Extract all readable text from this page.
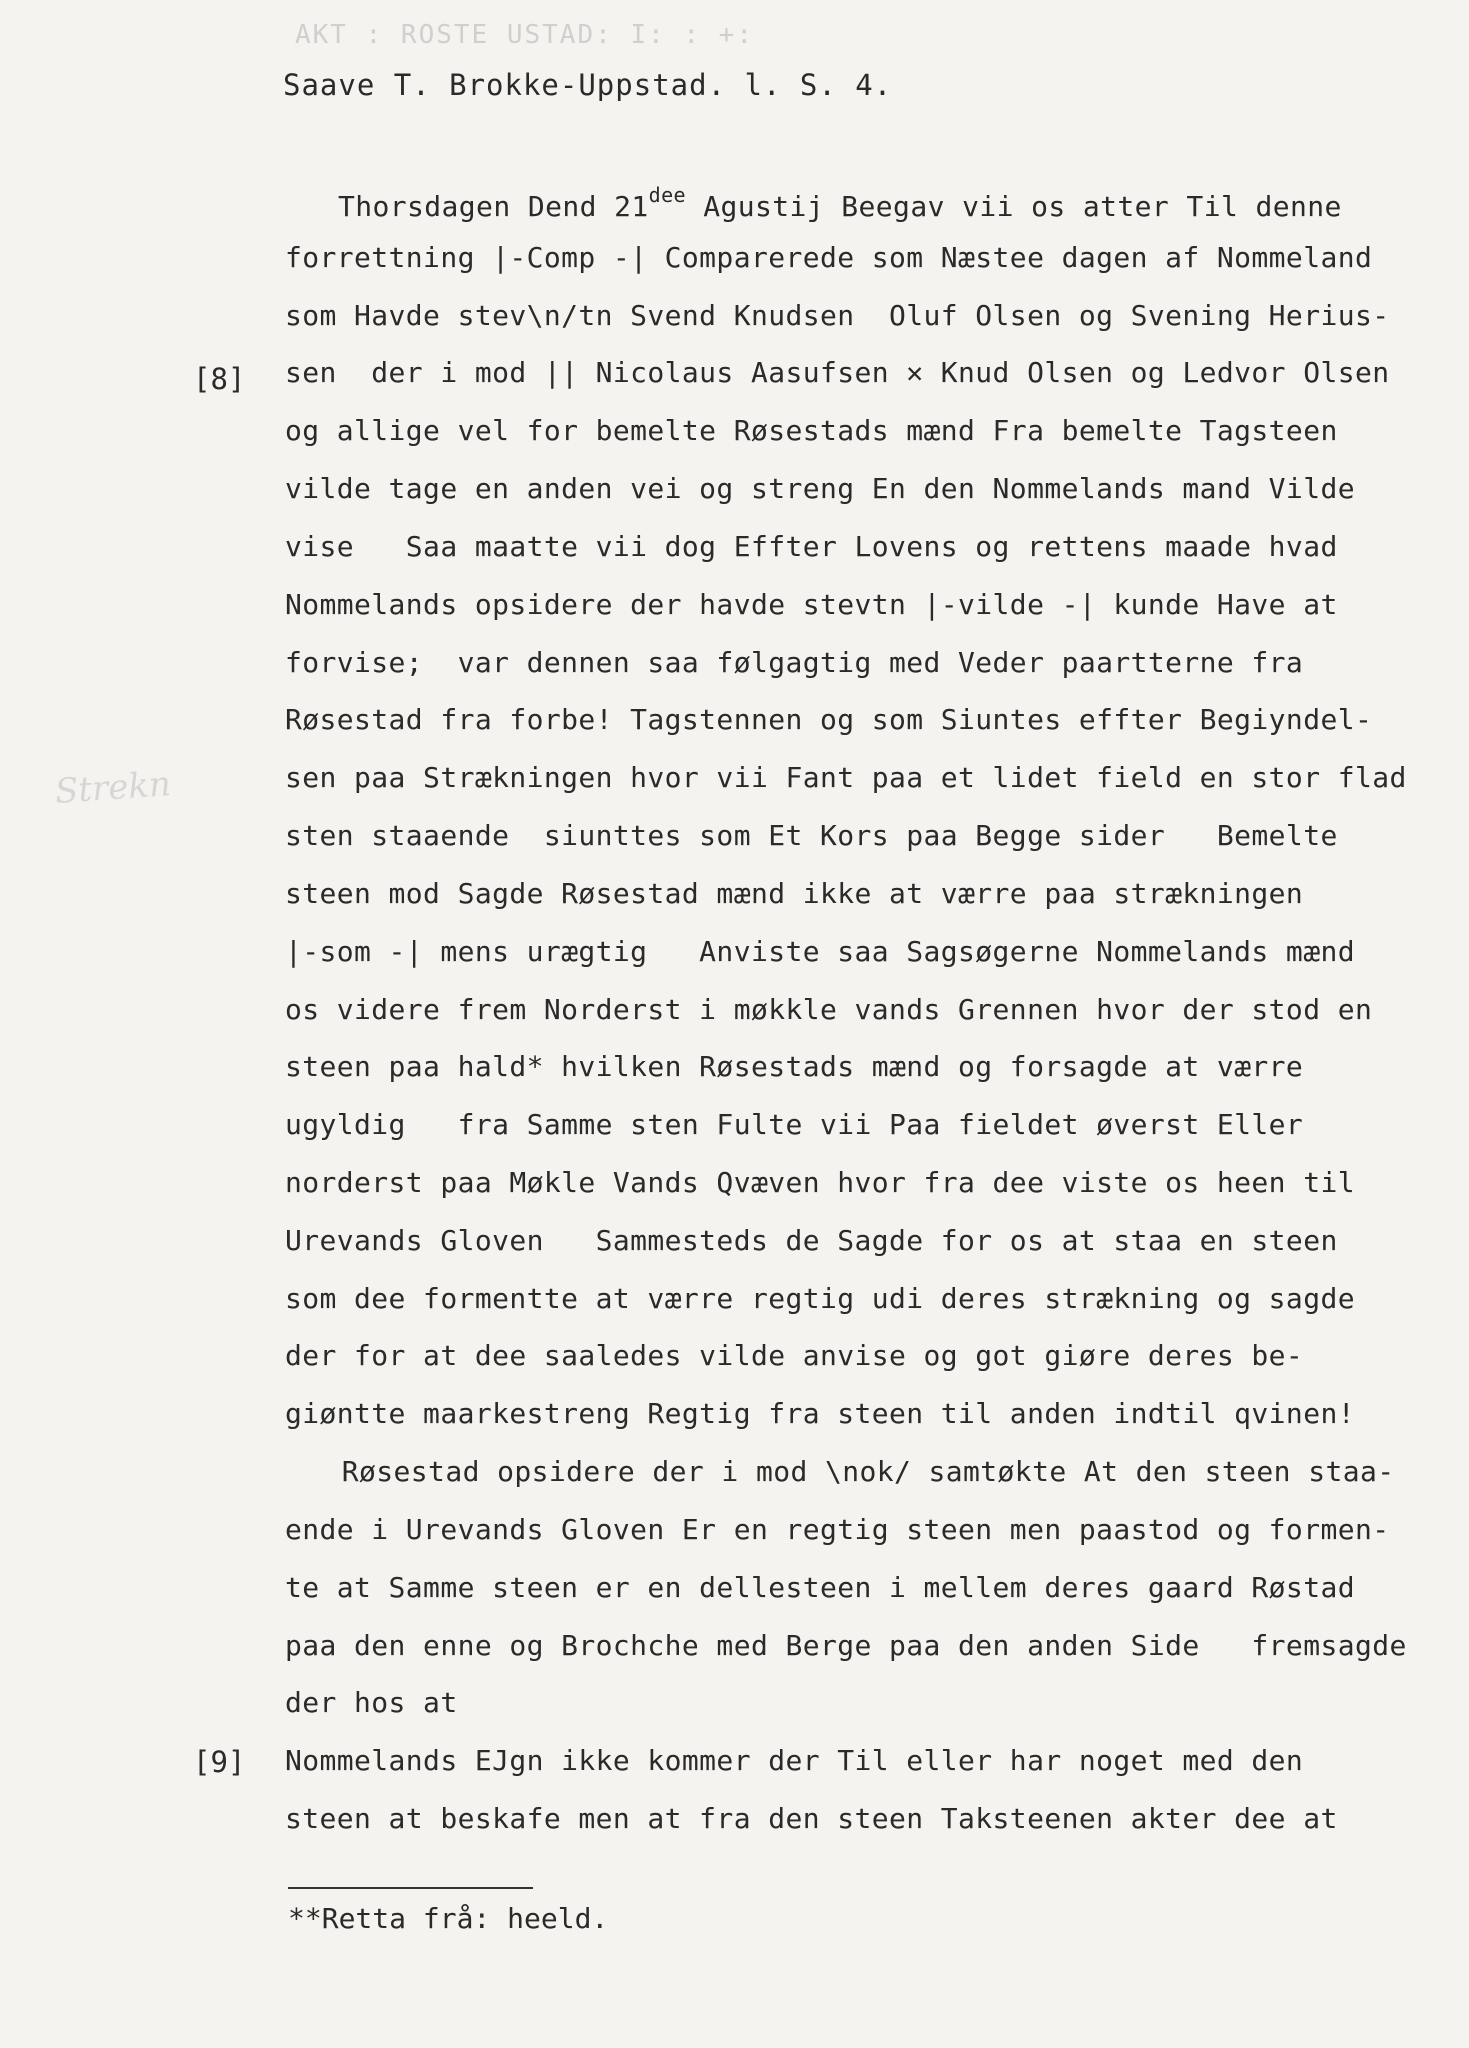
AKT : ROSTE USTAD: I: : +:
Saave T. Brokke-Uppstad. l. S. 4.
Strekn
[8]
[9]
Thorsdagen Dend $21^{dee}$ Agustij Beegav vii os atter Til denne
forrettning |-Comp -| Comparerede som Næstee dagen af Nommeland
som Havde stev\n/tn Svend Knudsen  Oluf Olsen og Svening Herius-
sen  der i mod || Nicolaus Aasufsen ✕ Knud Olsen og Ledvor Olsen
og allige vel for bemelte Røsestads mænd Fra bemelte Tagsteen
vilde tage en anden vei og streng En den Nommelands mand Vilde
vise   Saa maatte vii dog Effter Lovens og rettens maade hvad
Nommelands opsidere der havde stevtn |-vilde -| kunde Have at
forvise;  var dennen saa følgagtig med Veder paartterne fra
Røsestad fra forbe! Tagstennen og som Siuntes effter Begiyndel-
sen paa Strækningen hvor vii Fant paa et lidet field en stor flad
sten staaende  siunttes som Et Kors paa Begge sider   Bemelte
steen mod Sagde Røsestad mænd ikke at værre paa strækningen
|-som -| mens urægtig   Anviste saa Sagsøgerne Nommelands mænd
os videre frem Norderst i møkkle vands Grennen hvor der stod en
steen paa hald* hvilken Røsestads mænd og forsagde at værre
ugyldig   fra Samme sten Fulte vii Paa fieldet øverst Eller
norderst paa Møkle Vands Qvæven hvor fra dee viste os heen til
Urevands Gloven   Sammesteds de Sagde for os at staa en steen
som dee formentte at værre regtig udi deres strækning og sagde
der for at dee saaledes vilde anvise og got giøre deres be-
giøntte maarkestreng Regtig fra steen til anden indtil qvinen!
Røsestad opsidere der i mod \nok/ samtøkte At den steen staa-
ende i Urevands Gloven Er en regtig steen men paastod og formen-
te at Samme steen er en dellesteen i mellem deres gaard Røstad
paa den enne og Brochche med Berge paa den anden Side   fremsagde
der hos at
Nommelands EJgn ikke kommer der Til eller har noget med den
steen at beskafe men at fra den steen Taksteenen akter dee at
**Retta frå: heeld.
